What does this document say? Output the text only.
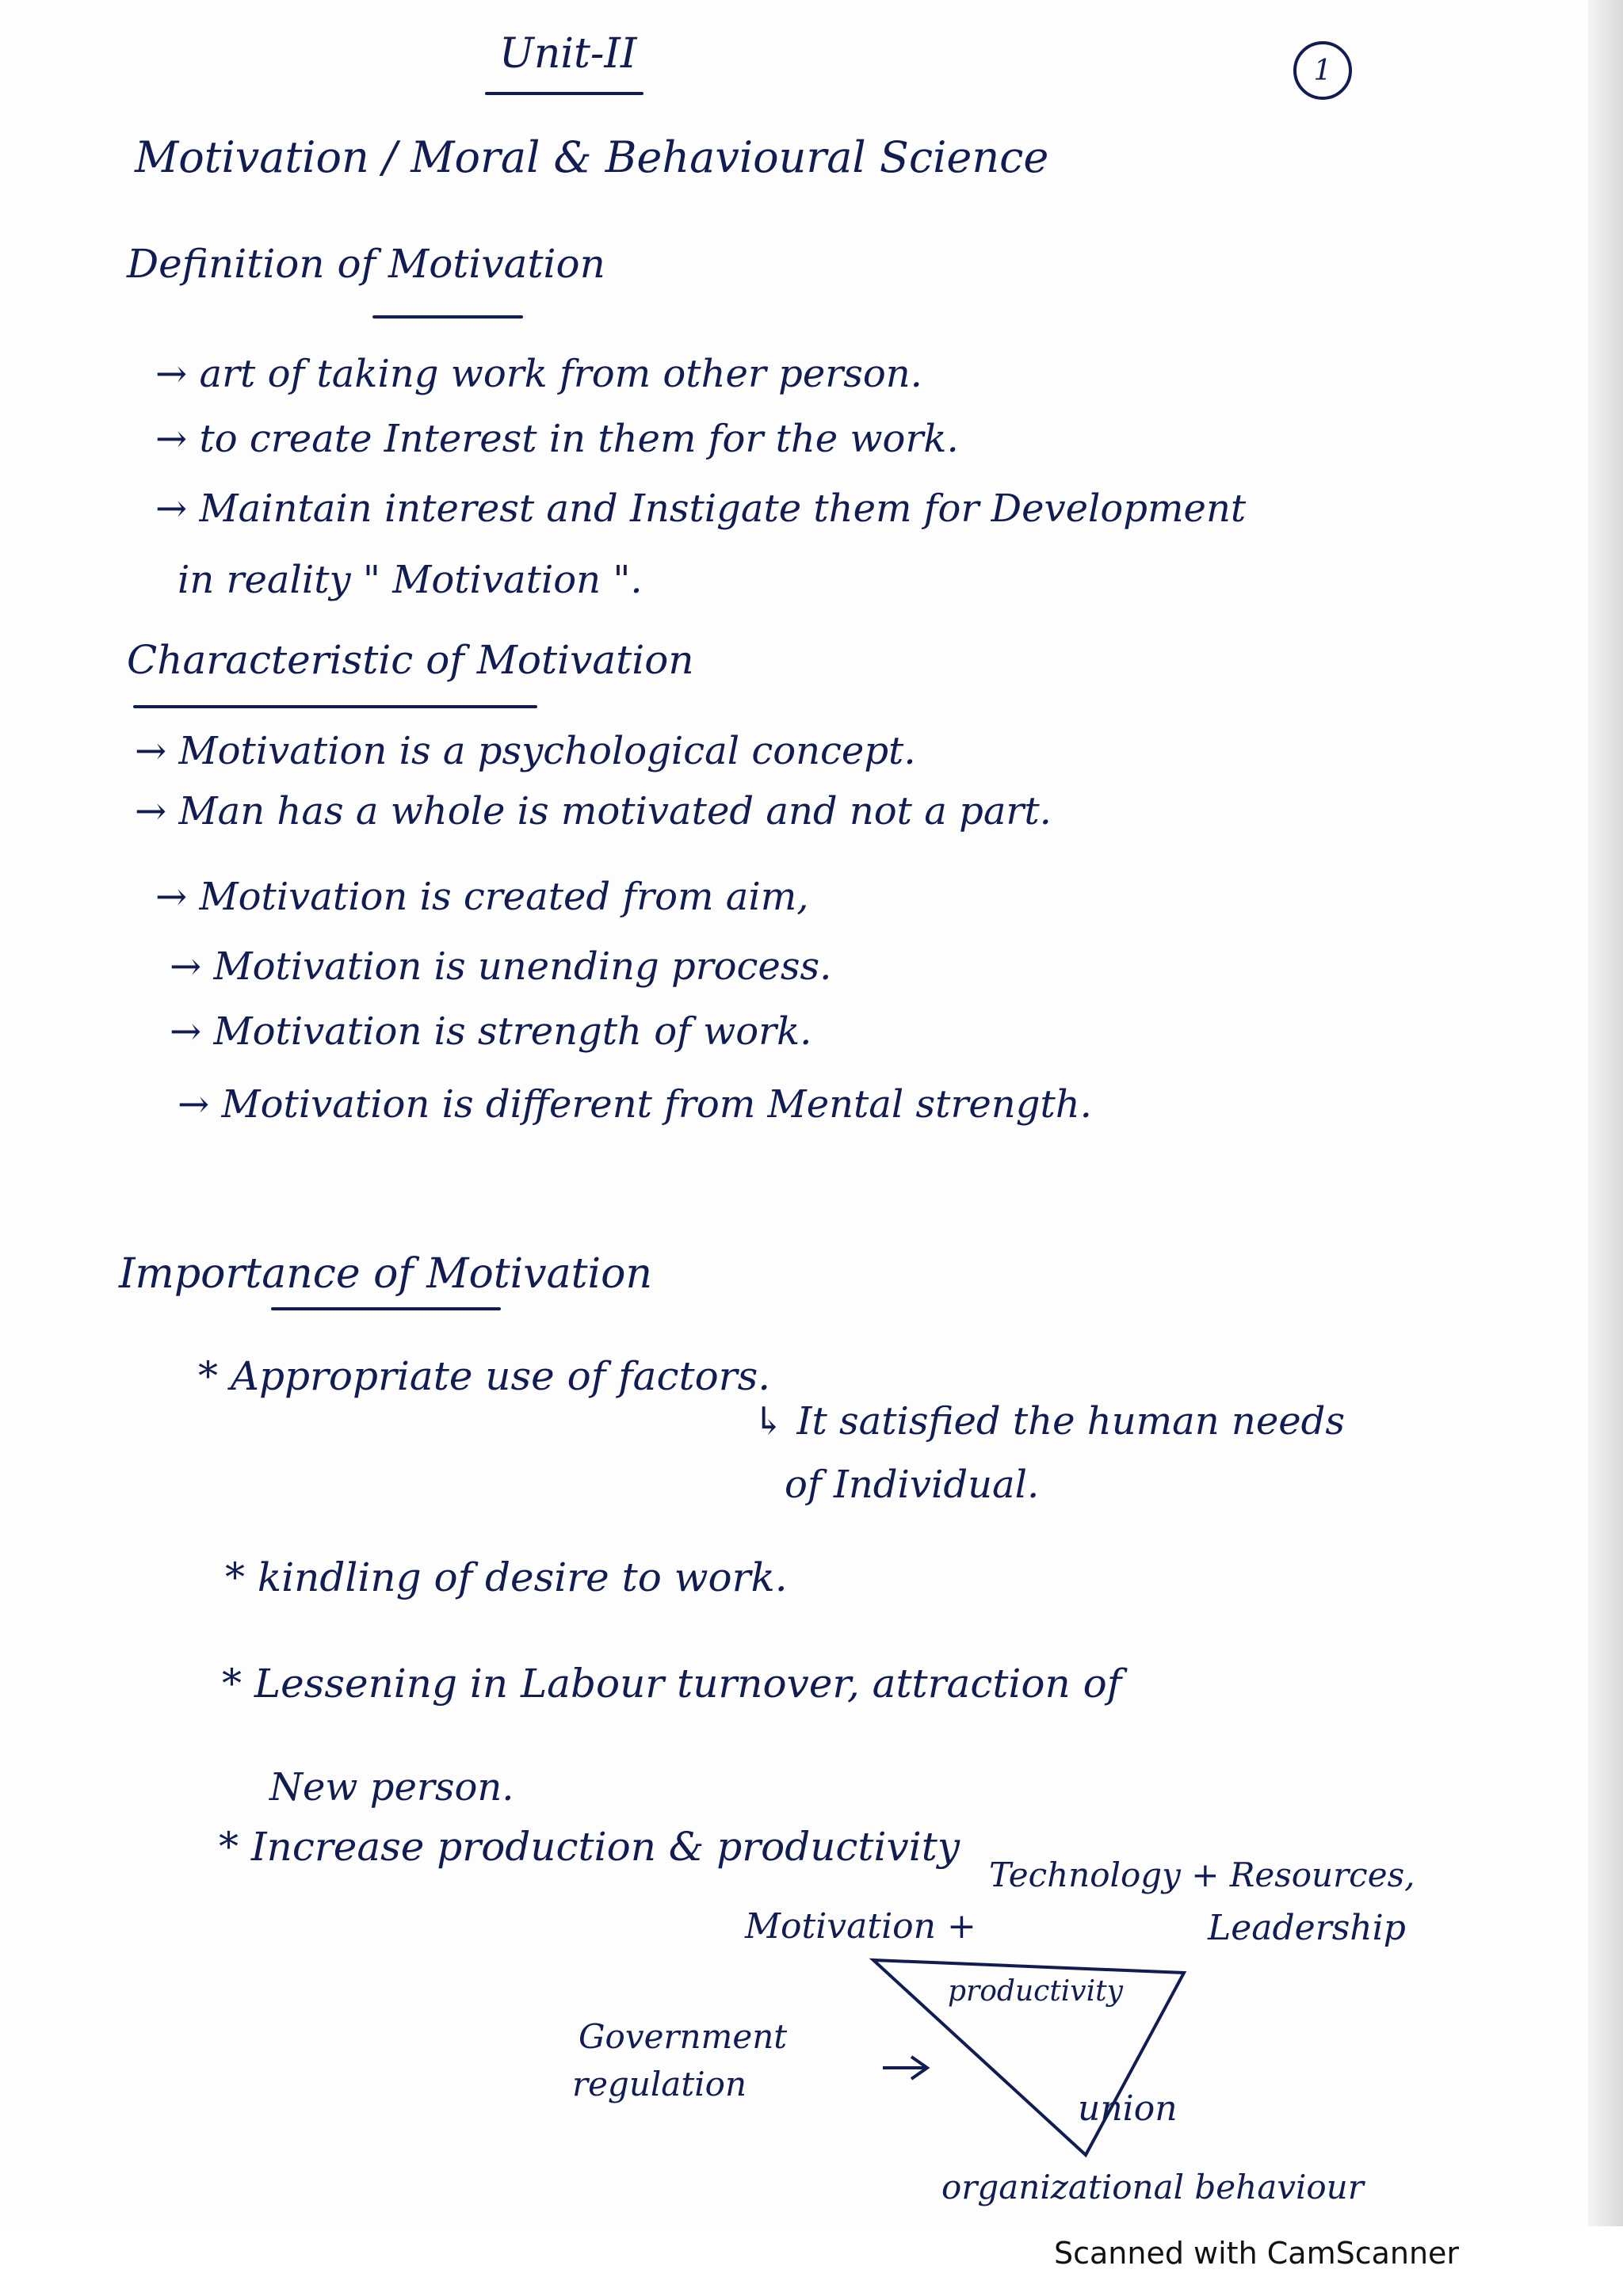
Unit-II	1
Motivation / Moral & Behavioural Science
Definition of Motivation
→ art of taking work from other person.
→ to create Interest in them for the work.
→ Maintain interest and Instigate them for Development
in reality " Motivation ".
Characteristic of Motivation
→ Motivation is a psychological concept.
→ Man has a whole is motivated and not a part.
→ Motivation is created from aim,
→ Motivation is unending process.
→ Motivation is strength of work.
→ Motivation is different from Mental strength.
Importance of Motivation
* Appropriate use of factors.
↳ It satisfied the human needs
of Individual.
* kindling of desire to work.
* Lessening in Labour turnover, attraction of
New person.
* Increase production & productivity
Technology + Resources,
Motivation +	Leadership
productivity
Government
regulation
union
organizational behaviour
Scanned with CamScanner
